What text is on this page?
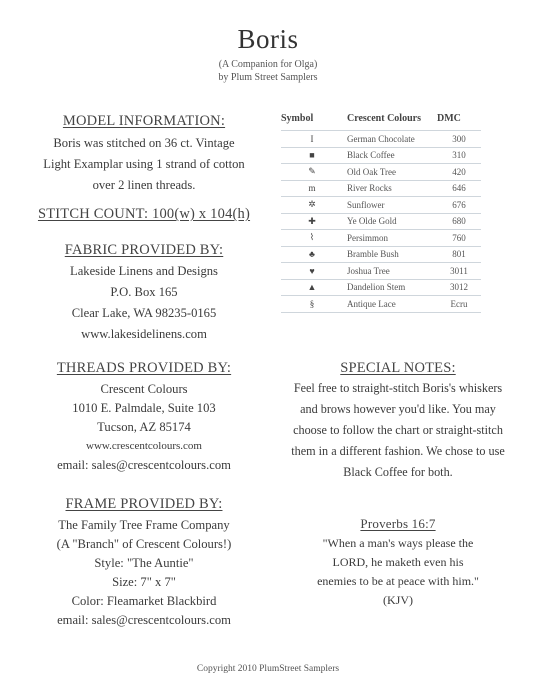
Boris
(A Companion for Olga)
by Plum Street Samplers
MODEL INFORMATION:
Boris was stitched on 36 ct. Vintage
Light Examplar using 1 strand of cotton
over 2 linen threads.
STITCH COUNT: 100(w) x 104(h)
FABRIC PROVIDED BY:
Lakeside Linens and Designs
P.O. Box 165
Clear Lake, WA 98235-0165
www.lakesidelinens.com
THREADS PROVIDED BY:
Crescent Colours
1010 E. Palmdale, Suite 103
Tucson, AZ 85174
www.crescentcolours.com
email: sales@crescentcolours.com
FRAME PROVIDED BY:
The Family Tree Frame Company
(A "Branch" of Crescent Colours!)
Style: "The Auntie"
Size: 7" x 7"
Color: Fleamarket Blackbird
email: sales@crescentcolours.com
Symbol	Crescent Colours	DMC
I	German Chocolate	300
■	Black Coffee	310
✎	Old Oak Tree	420
m	River Rocks	646
✲	Sunflower	676
✚	Ye Olde Gold	680
⌇	Persimmon	760
♣	Bramble Bush	801
♥	Joshua Tree	3011
▲	Dandelion Stem	3012
§	Antique Lace	Ecru
SPECIAL NOTES:
Feel free to straight-stitch Boris's whiskers
and brows however you'd like. You may
choose to follow the chart or straight-stitch
them in a different fashion. We chose to use
Black Coffee for both.
Proverbs 16:7
"When a man's ways please the
LORD, he maketh even his
enemies to be at peace with him."
(KJV)
Copyright 2010 PlumStreet Samplers
